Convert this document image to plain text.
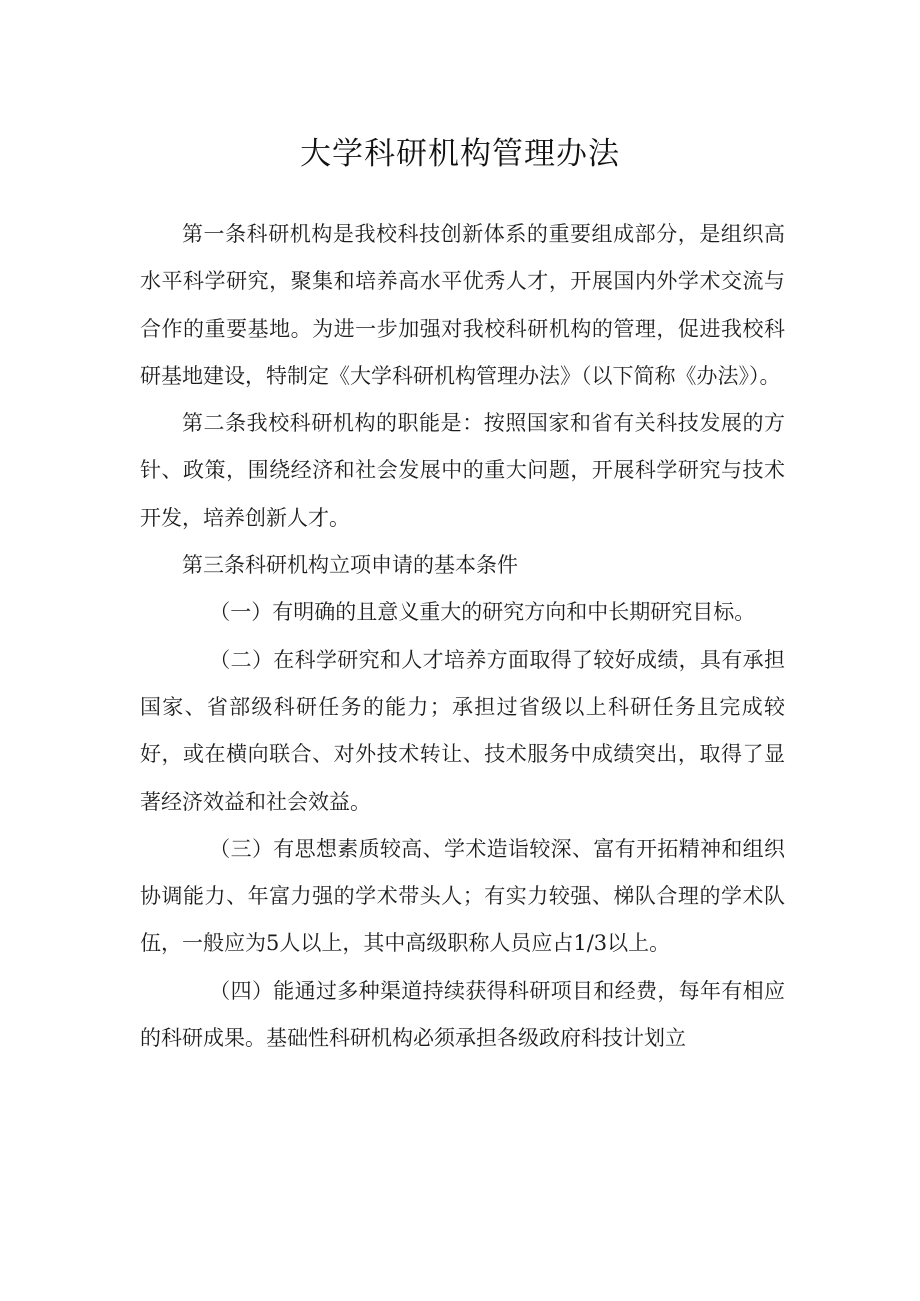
大学科研机构管理办法

第一条科研机构是我校科技创新体系的重要组成部分，是组织高水平科学研究，聚集和培养高水平优秀人才，开展国内外学术交流与合作的重要基地。为进一步加强对我校科研机构的管理，促进我校科研基地建设，特制定《大学科研机构管理办法》（以下简称《办法》）。

第二条我校科研机构的职能是：按照国家和省有关科技发展的方针、政策，围绕经济和社会发展中的重大问题，开展科学研究与技术开发，培养创新人才。

第三条科研机构立项申请的基本条件

（一）有明确的且意义重大的研究方向和中长期研究目标。

（二）在科学研究和人才培养方面取得了较好成绩，具有承担国家、省部级科研任务的能力；承担过省级以上科研任务且完成较好，或在横向联合、对外技术转让、技术服务中成绩突出，取得了显著经济效益和社会效益。

（三）有思想素质较高、学术造诣较深、富有开拓精神和组织协调能力、年富力强的学术带头人；有实力较强、梯队合理的学术队伍，一般应为5人以上，其中高级职称人员应占1/3以上。

（四）能通过多种渠道持续获得科研项目和经费，每年有相应的科研成果。基础性科研机构必须承担各级政府科技计划立
